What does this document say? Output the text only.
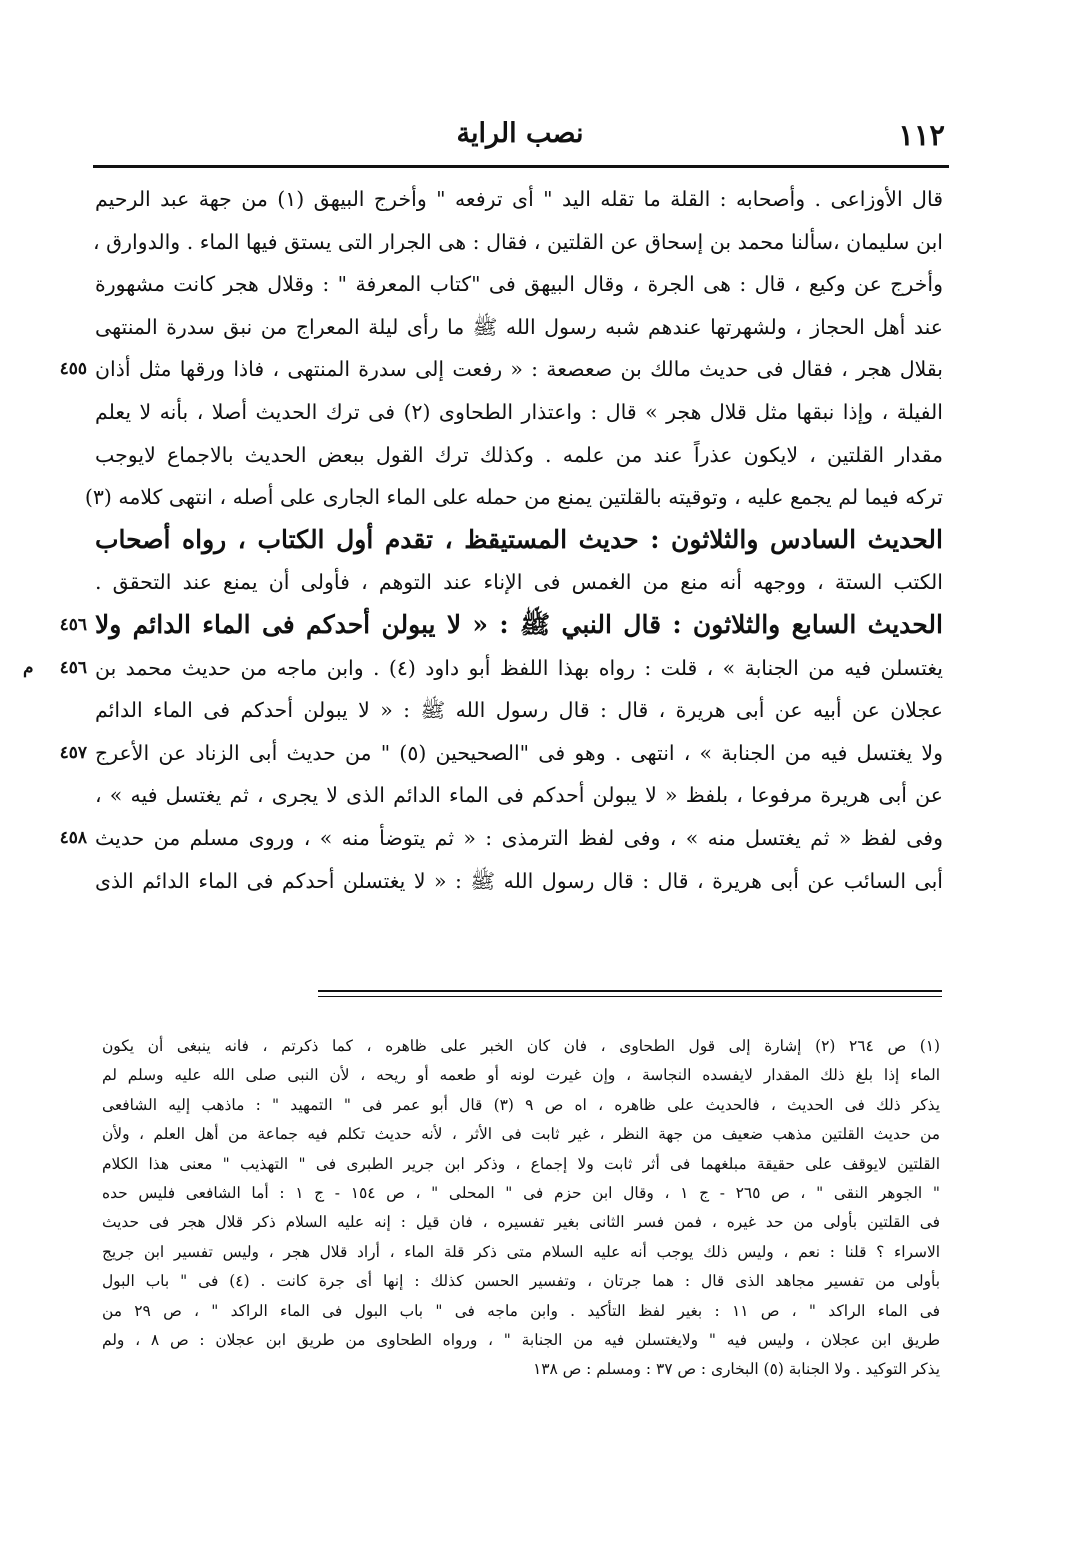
١١٢
نصب الراية
قال الأوزاعى . وأصحابه : القلة ما تقله اليد " أى ترفعه " وأخرج البيهق (١) من جهة عبد الرحيم
ابن سليمان ،سألنا محمد بن إسحاق عن القلتين ، فقال : هى الجرار التى يستق فيها الماء . والدوارق ،
وأخرج عن وكيع ، قال : هى الجرة ، وقال البيهق فى "كتاب المعرفة " : وقلال هجر كانت مشهورة
عند أهل الحجاز ، ولشهرتها عندهم شبه رسول الله ﷺ ما رأى ليلة المعراج من نبق سدرة المنتهى
بقلال هجر ، فقال فى حديث مالك بن صعصعة : « رفعت إلى سدرة المنتهى ، فاذا ورقها مثل أذان
٤٥٥
الفيلة ، وإذا نبقها مثل قلال هجر » قال : واعتذار الطحاوى (٢) فى ترك الحديث أصلا ، بأنه لا يعلم
مقدار القلتين ، لايكون عذراً عند من علمه . وكذلك ترك القول ببعض الحديث بالاجماع لايوجب
تركه فيما لم يجمع عليه ، وتوقيته بالقلتين يمنع من حمله على الماء الجارى على أصله ، انتهى كلامه (٣)
الحديث السادس والثلاثون : حديث المستيقظ ، تقدم أول الكتاب ، رواه أصحاب
الكتب الستة ، ووجهه أنه منع من الغمس فى الإناء عند التوهم ، فأولى أن يمنع عند التحقق .
الحديث السابع والثلاثون : قال النبي ﷺ : « لا يبولن أحدكم فى الماء الدائم ولا
٤٥٦
يغتسلن فيه من الجنابة » ، قلت : رواه بهذا اللفظ أبو داود (٤) . وابن ماجه من حديث محمد بن
٤٥٦ م
عجلان عن أبيه عن أبى هريرة ، قال : قال رسول الله ﷺ : « لا يبولن أحدكم فى الماء الدائم
ولا يغتسل فيه من الجنابة » ، انتهى . وهو فى "الصحيحين (٥) " من حديث أبى الزناد عن الأعرج
٤٥٧
عن أبى هريرة مرفوعا ، بلفظ « لا يبولن أحدكم فى الماء الدائم الذى لا يجرى ، ثم يغتسل فيه » ،
وفى لفظ « ثم يغتسل منه » ، وفى لفظ الترمذى : « ثم يتوضأ منه » ، وروى مسلم من حديث
٤٥٨
أبى السائب عن أبى هريرة ، قال : قال رسول الله ﷺ : « لا يغتسلن أحدكم فى الماء الدائم الذى
(١) ص ٢٦٤ (٢) إشارة إلى قول الطحاوى ، فان كان الخبر على ظاهره ، كما ذكرتم ، فانه ينبغى أن يكون
الماء إذا بلغ ذلك المقدار لايفسده النجاسة ، وإن غيرت لونه أو طعمه أو ريحه ، لأن النبى صلى الله عليه وسلم لم
يذكر ذلك فى الحديث ، فالحديث على ظاهره ، اه ص ٩ (٣) قال أبو عمر فى " التمهيد " : ماذهب إليه الشافعى
من حديث القلتين مذهب ضعيف من جهة النظر ، غير ثابت فى الأثر ، لأنه حديث تكلم فيه جماعة من أهل العلم ، ولأن
القلتين لايوقف على حقيقة مبلغهما فى أثر ثابت ولا إجماع ، وذكر ابن جرير الطبرى فى " التهذيب " معنى هذا الكلام
" الجوهر النقى " ، ص ٢٦٥ - ج ١ ، وقال ابن حزم فى " المحلى " ، ص ١٥٤ - ج ١ : أما الشافعى فليس حده
فى القلتين بأولى من حد غيره ، فمن فسر الثانى بغير تفسيره ، فان قيل : إنه عليه السلام ذكر قلال هجر فى حديث
الاسراء ؟ قلنا : نعم ، وليس ذلك يوجب أنه عليه السلام متى ذكر قلة الماء ، أراد قلال هجر ، وليس تفسير ابن جريج
بأولى من تفسير مجاهد الذى قال : هما جرتان ، وتفسير الحسن كذلك : إنها أى جرة كانت . (٤) فى " باب البول
فى الماء الراكد " ، ص ١١ : بغير لفظ التأكيد . وابن ماجه فى " باب البول فى الماء الراكد " ، ص ٢٩ من
طريق ابن عجلان ، وليس فيه " ولايغتسلن فيه من الجنابة " ، ورواه الطحاوى من طريق ابن عجلان : ص ٨ ، ولم
يذكر التوكيد . ولا الجنابة (٥) البخارى : ص ٣٧ : ومسلم : ص ١٣٨
